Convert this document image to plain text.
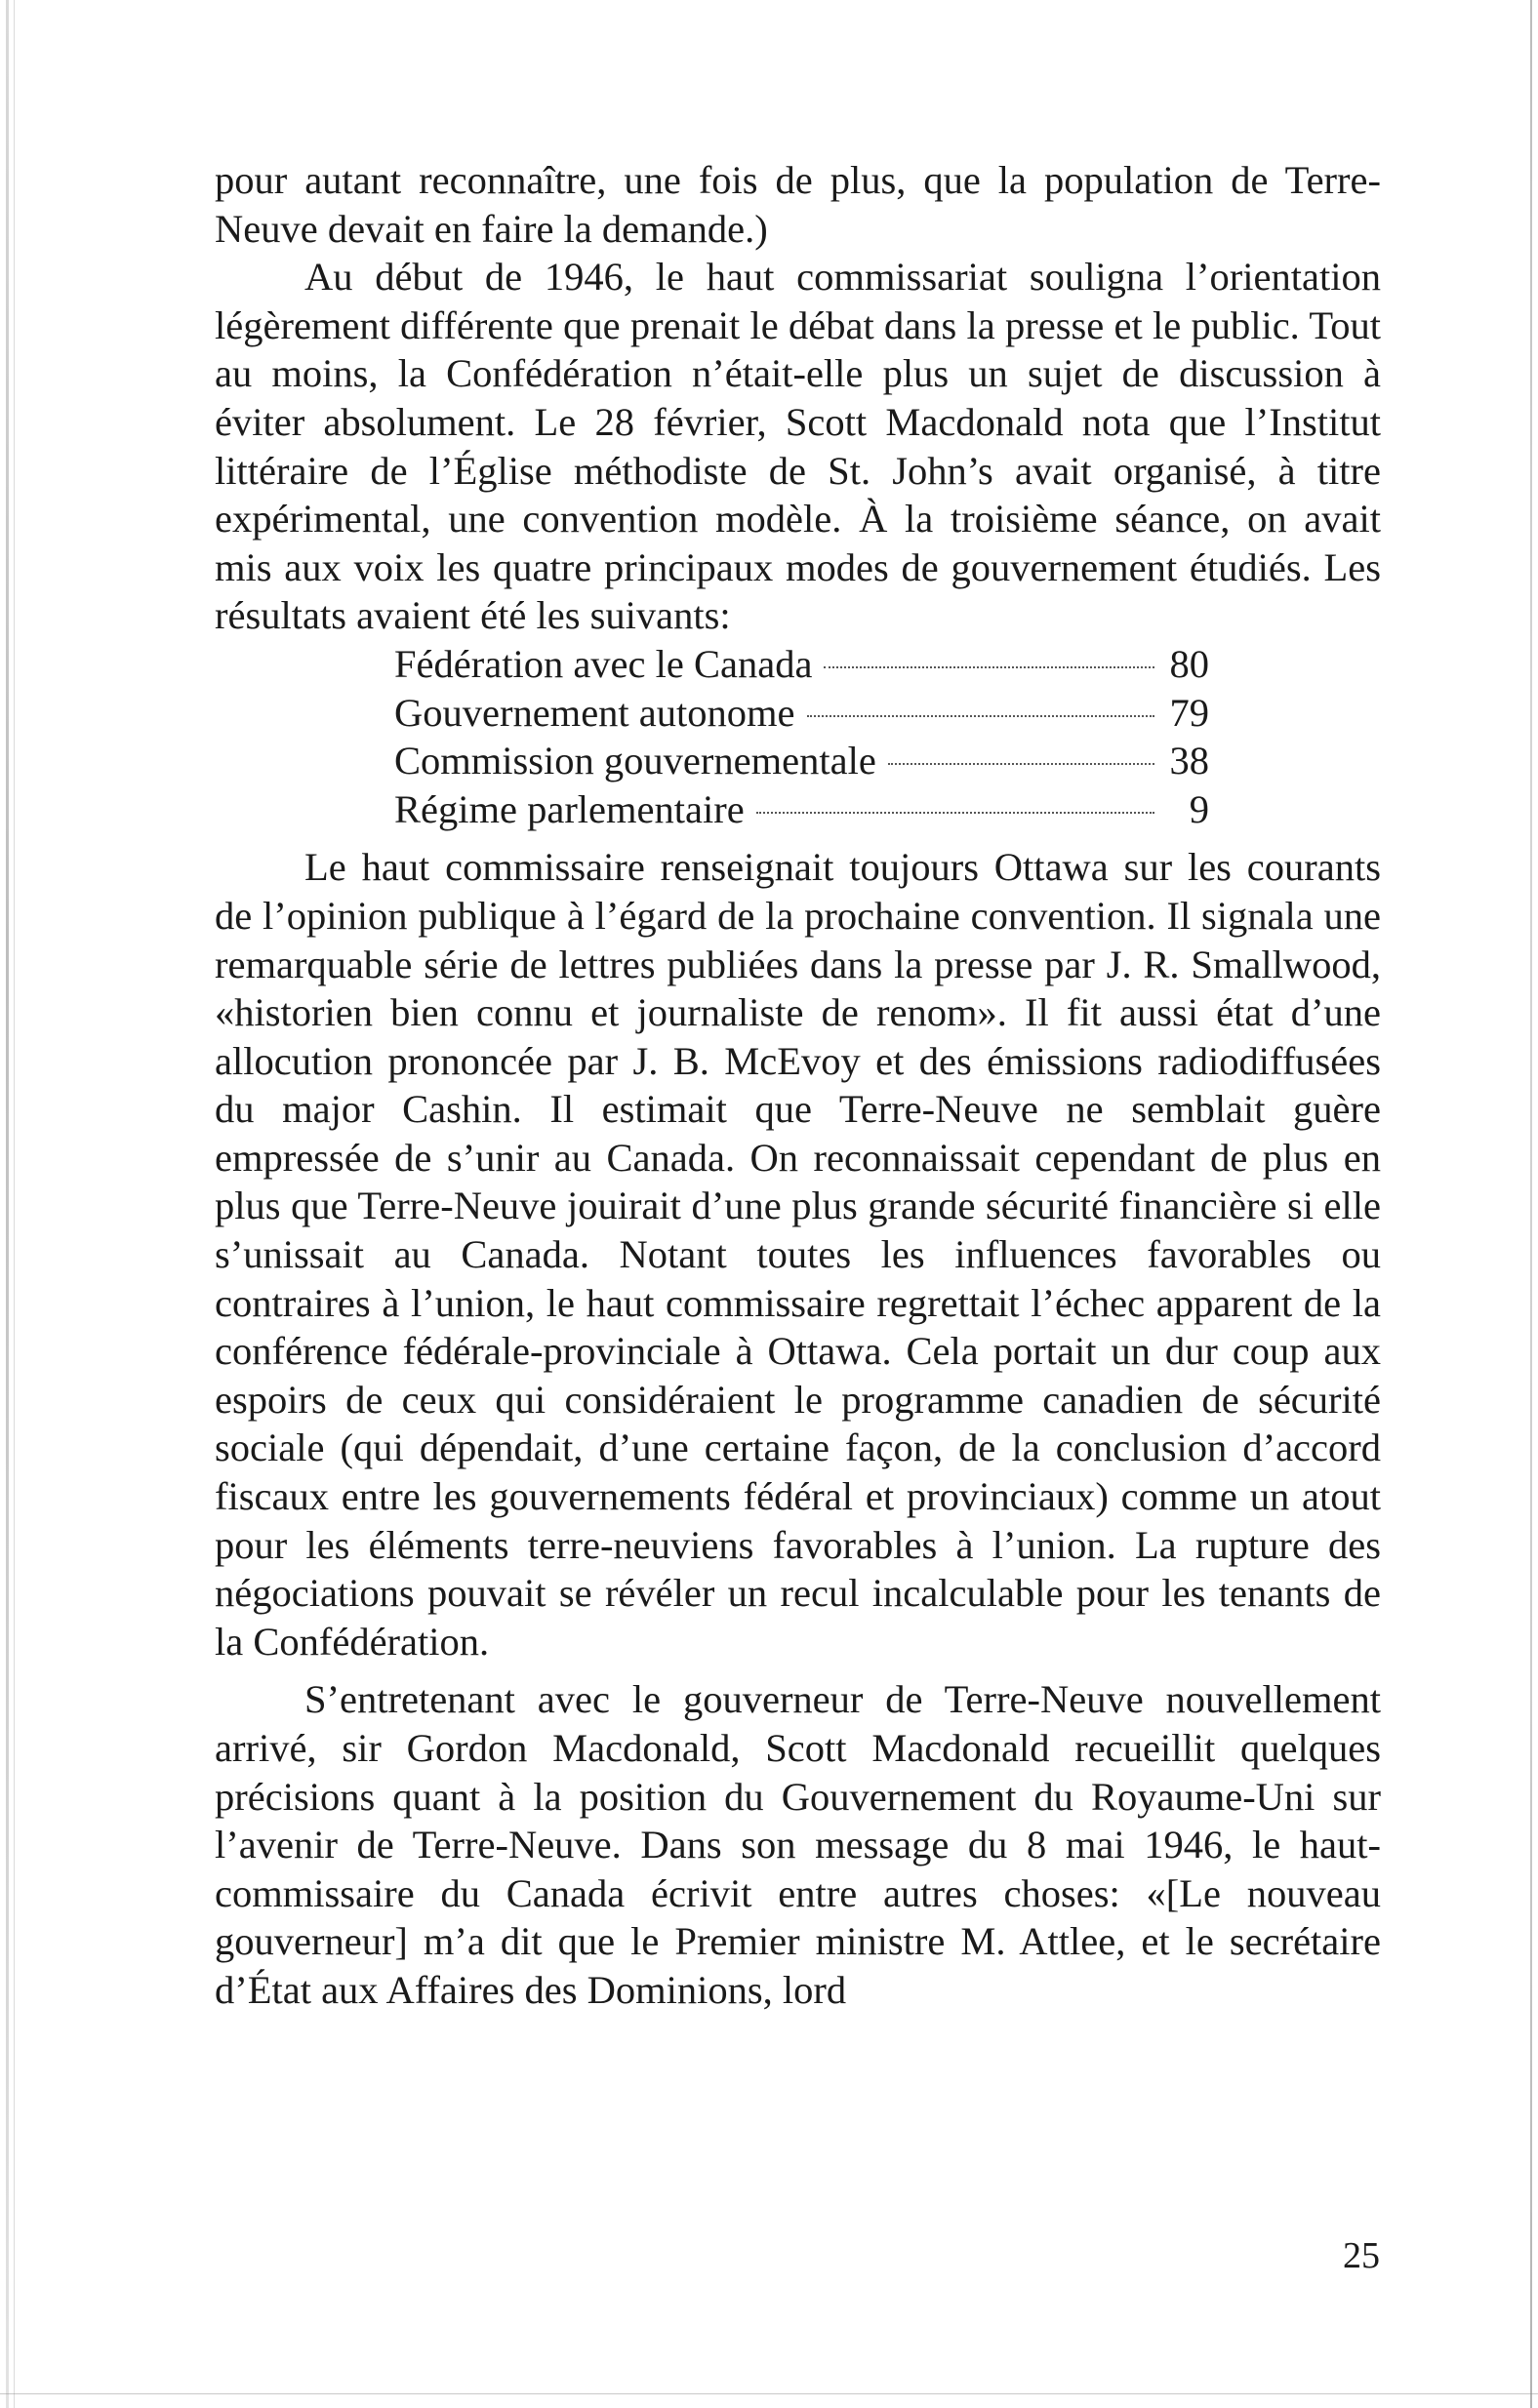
pour autant reconnaître, une fois de plus, que la population de Terre-Neuve devait en faire la demande.)

Au début de 1946, le haut commissariat souligna l’orientation légèrement différente que prenait le débat dans la presse et le public. Tout au moins, la Confédération n’était-elle plus un sujet de discussion à éviter absolument. Le 28 février, Scott Macdonald nota que l’Institut littéraire de l’Église méthodiste de St. John’s avait organisé, à titre expérimental, une convention modèle. À la troisième séance, on avait mis aux voix les quatre principaux modes de gouvernement étudiés. Les résultats avaient été les suivants:

Fédération avec le Canada	80
Gouvernement autonome	79
Commission gouvernementale	38
Régime parlementaire	9

Le haut commissaire renseignait toujours Ottawa sur les courants de l’opinion publique à l’égard de la prochaine convention. Il signala une remarquable série de lettres publiées dans la presse par J. R. Smallwood, «historien bien connu et journaliste de renom». Il fit aussi état d’une allocution prononcée par J. B. McEvoy et des émissions radiodiffusées du major Cashin. Il estimait que Terre-Neuve ne semblait guère empressée de s’unir au Canada. On reconnaissait cependant de plus en plus que Terre-Neuve jouirait d’une plus grande sécurité financière si elle s’unissait au Canada. Notant toutes les influences favorables ou contraires à l’union, le haut commissaire regrettait l’échec apparent de la conférence fédérale-provinciale à Ottawa. Cela portait un dur coup aux espoirs de ceux qui considéraient le programme canadien de sécurité sociale (qui dépendait, d’une certaine façon, de la conclusion d’accord fiscaux entre les gouvernements fédéral et provinciaux) comme un atout pour les éléments terre-neuviens favorables à l’union. La rupture des négociations pouvait se révéler un recul incalculable pour les tenants de la Confédération.

S’entretenant avec le gouverneur de Terre-Neuve nouvellement arrivé, sir Gordon Macdonald, Scott Macdonald recueillit quelques précisions quant à la position du Gouvernement du Royaume-Uni sur l’avenir de Terre-Neuve. Dans son message du 8 mai 1946, le haut-commissaire du Canada écrivit entre autres choses: «[Le nouveau gouverneur] m’a dit que le Premier ministre M. Attlee, et le secrétaire d’État aux Affaires des Dominions, lord

25
